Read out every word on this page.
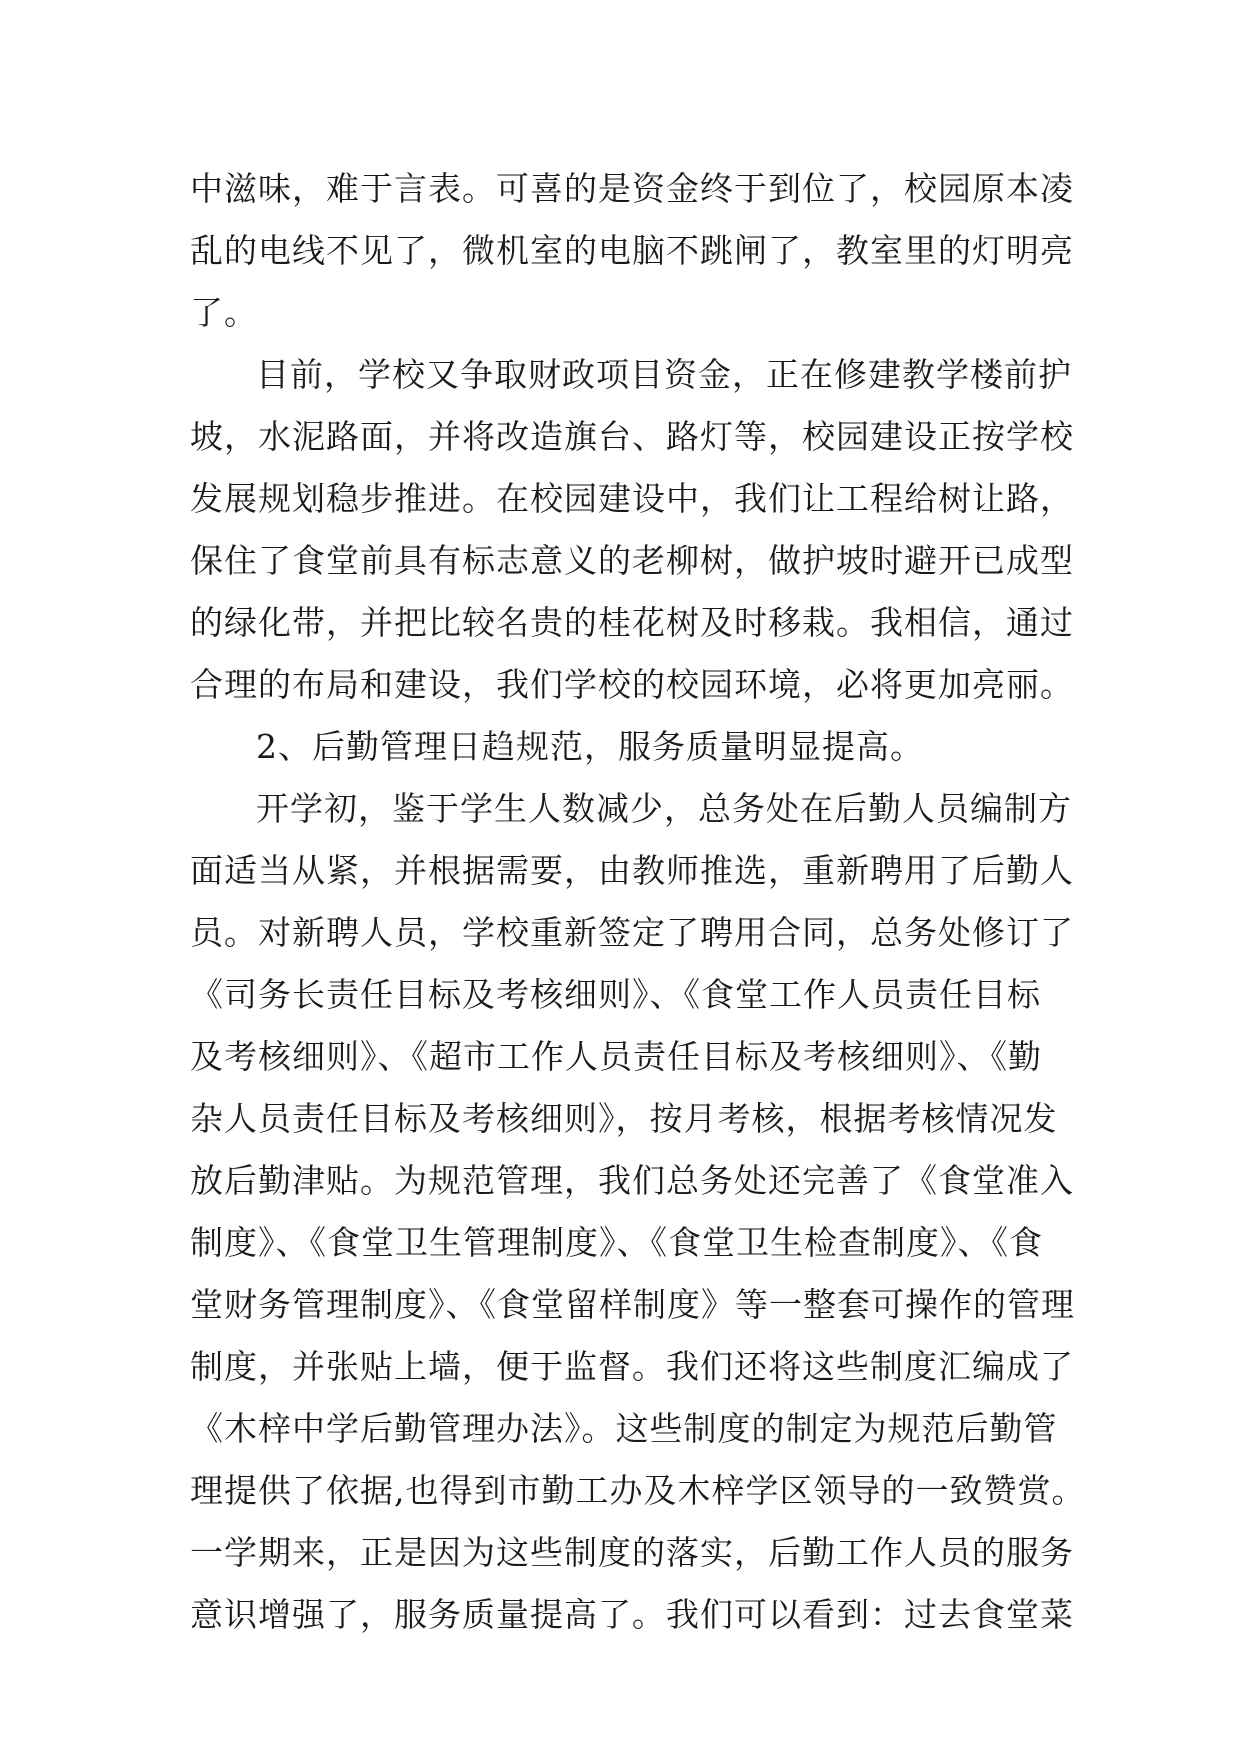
中滋味，难于言表。可喜的是资金终于到位了，校园原本凌
乱的电线不见了，微机室的电脑不跳闸了，教室里的灯明亮
了。
目前，学校又争取财政项目资金，正在修建教学楼前护
坡，水泥路面，并将改造旗台、路灯等，校园建设正按学校
发展规划稳步推进。在校园建设中，我们让工程给树让路，
保住了食堂前具有标志意义的老柳树，做护坡时避开已成型
的绿化带，并把比较名贵的桂花树及时移栽。我相信，通过
合理的布局和建设，我们学校的校园环境，必将更加亮丽。
2、后勤管理日趋规范，服务质量明显提高。
开学初，鉴于学生人数减少，总务处在后勤人员编制方
面适当从紧，并根据需要，由教师推选，重新聘用了后勤人
员。对新聘人员，学校重新签定了聘用合同，总务处修订了
《司务长责任目标及考核细则》、《食堂工作人员责任目标
及考核细则》、《超市工作人员责任目标及考核细则》、《勤
杂人员责任目标及考核细则》，按月考核，根据考核情况发
放后勤津贴。为规范管理，我们总务处还完善了《食堂准入
制度》、《食堂卫生管理制度》、《食堂卫生检查制度》、《食
堂财务管理制度》、《食堂留样制度》等一整套可操作的管理
制度，并张贴上墙，便于监督。我们还将这些制度汇编成了
《木梓中学后勤管理办法》。这些制度的制定为规范后勤管
理提供了依据,也得到市勤工办及木梓学区领导的一致赞赏。
一学期来，正是因为这些制度的落实，后勤工作人员的服务
意识增强了，服务质量提高了。我们可以看到：过去食堂菜
